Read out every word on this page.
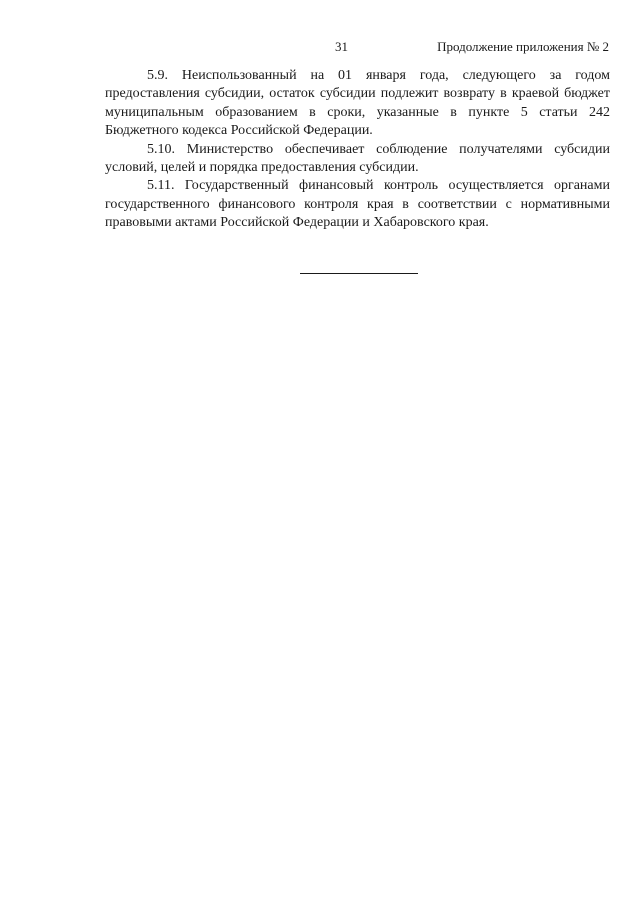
31	Продолжение приложения № 2

5.9. Неиспользованный на 01 января года, следующего за годом предоставления субсидии, остаток субсидии подлежит возврату в краевой бюджет муниципальным образованием в сроки, указанные в пункте 5 статьи 242 Бюджетного кодекса Российской Федерации.

5.10. Министерство обеспечивает соблюдение получателями субсидии условий, целей и порядка предоставления субсидии.

5.11. Государственный финансовый контроль осуществляется органами государственного финансового контроля края в соответствии с нормативными правовыми актами Российской Федерации и Хабаровского края.
